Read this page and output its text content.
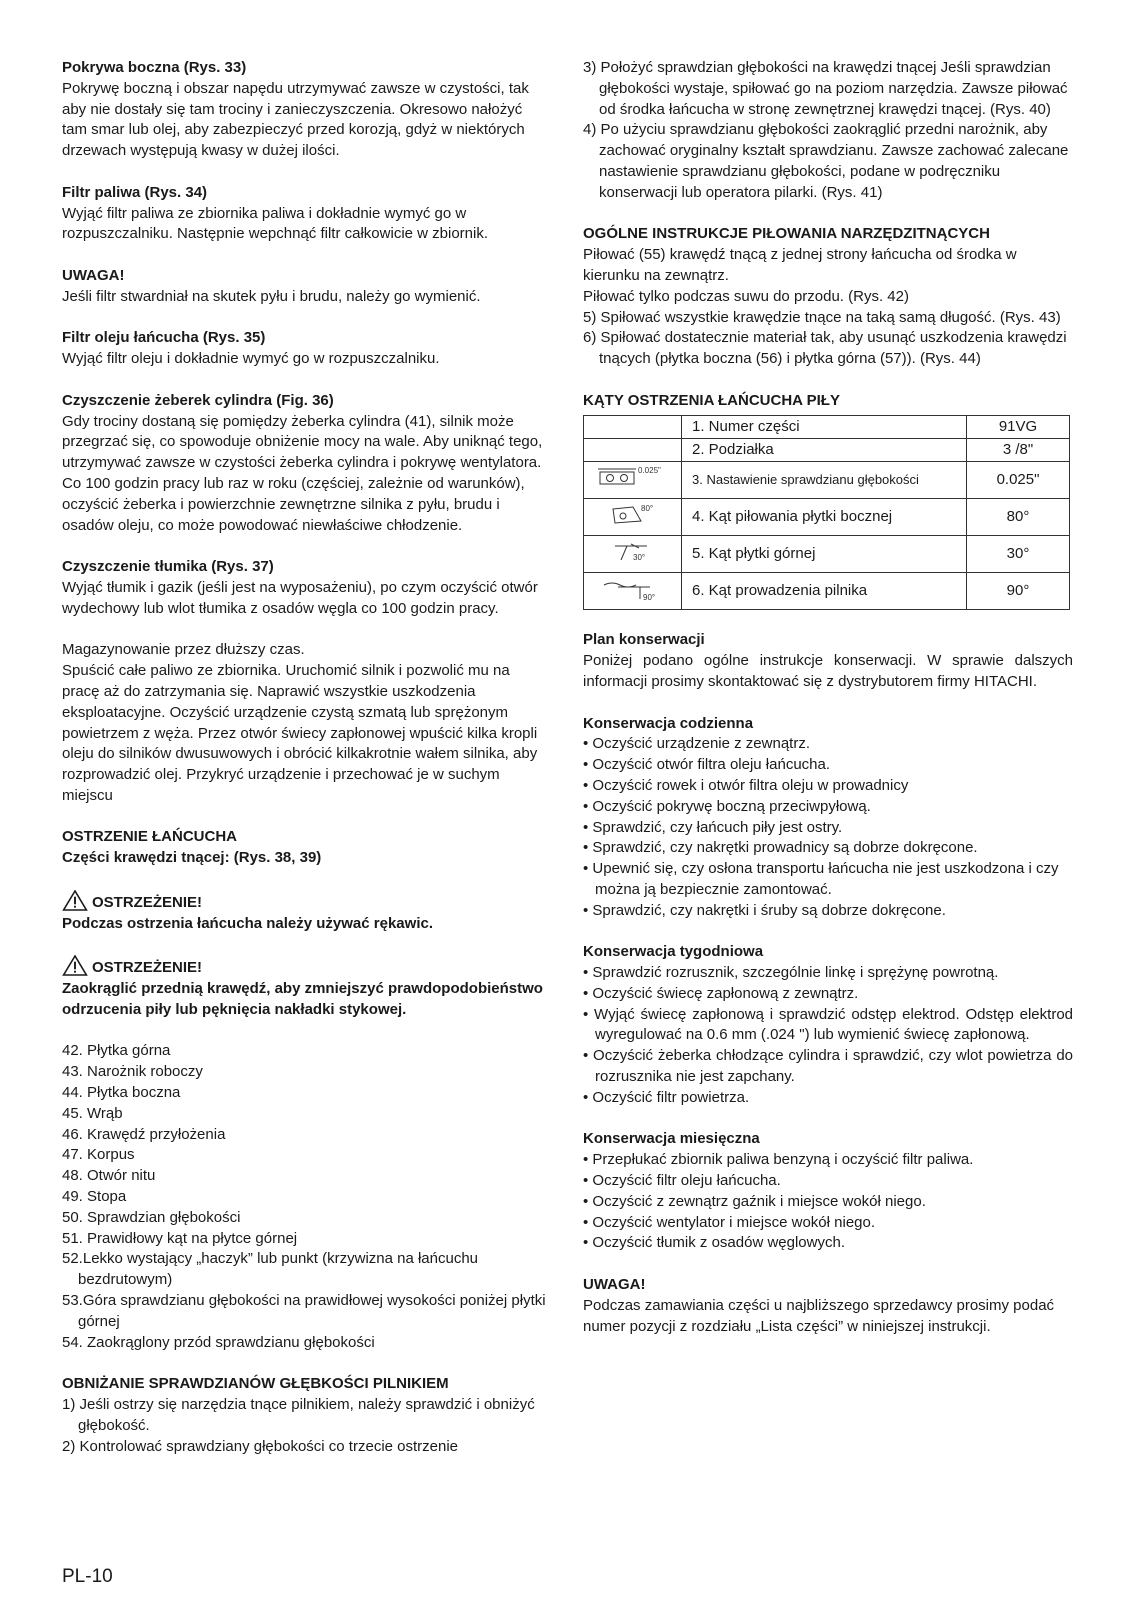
Pokrywa boczna (Rys. 33)

Pokrywę boczną i obszar napędu utrzymywać zawsze w czystości, tak aby nie dostały się tam trociny i zanieczyszczenia. Okresowo nałożyć tam smar lub olej, aby zabezpieczyć przed korozją, gdyż w niektórych drzewach występują kwasy w dużej ilości.

Filtr paliwa (Rys. 34)

Wyjąć filtr paliwa ze zbiornika paliwa i dokładnie wymyć go w rozpuszczalniku. Następnie wepchnąć filtr całkowicie w zbiornik.

UWAGA!

Jeśli filtr stwardniał na skutek pyłu i brudu, należy go wymienić.

Filtr oleju łańcucha (Rys. 35)

Wyjąć filtr oleju i dokładnie wymyć go w rozpuszczalniku.

Czyszczenie żeberek cylindra (Fig. 36)

Gdy trociny dostaną się pomiędzy żeberka cylindra (41), silnik może przegrzać się, co spowoduje obniżenie mocy na wale. Aby uniknąć tego, utrzymywać zawsze w czystości żeberka cylindra i pokrywę wentylatora. Co 100 godzin pracy lub raz w roku (częściej, zależnie od warunków), oczyścić żeberka i powierzchnie zewnętrzne silnika z pyłu, brudu i osadów oleju, co może powodować niewłaściwe chłodzenie.

Czyszczenie tłumika (Rys. 37)

Wyjąć tłumik i gazik (jeśli jest na wyposażeniu), po czym oczyścić otwór wydechowy lub wlot tłumika z osadów węgla co 100 godzin pracy.

Magazynowanie przez dłuższy czas.

Spuścić całe paliwo ze zbiornika. Uruchomić silnik i pozwolić mu na pracę aż do zatrzymania się. Naprawić wszystkie uszkodzenia eksploatacyjne. Oczyścić urządzenie czystą szmatą lub sprężonym powietrzem z węża. Przez otwór świecy zapłonowej wpuścić kilka kropli oleju do silników dwusuwowych i obrócić kilkakrotnie wałem silnika, aby rozprowadzić olej. Przykryć urządzenie i przechować je w suchym miejscu

OSTRZENIE ŁAŃCUCHA

Części krawędzi tnącej: (Rys. 38, 39)

OSTRZEŻENIE!

Podczas ostrzenia łańcucha należy używać rękawic.

OSTRZEŻENIE!

Zaokrąglić przednią krawędź, aby zmniejszyć prawdopodobieństwo odrzucenia piły lub pęknięcia nakładki stykowej.

42. Płytka górna

43. Narożnik roboczy

44. Płytka boczna

45. Wrąb

46. Krawędź przyłożenia

47. Korpus

48. Otwór nitu

49. Stopa

50. Sprawdzian głębokości

51. Prawidłowy kąt na płytce górnej

52.Lekko wystający „haczyk” lub punkt (krzywizna na łańcuchu bezdrutowym)

53.Góra sprawdzianu głębokości na prawidłowej wysokości poniżej płytki górnej

54. Zaokrąglony przód sprawdzianu głębokości

OBNIŻANIE SPRAWDZIANÓW GŁĘBKOŚCI PILNIKIEM

1) Jeśli ostrzy się narzędzia tnące pilnikiem, należy sprawdzić i obniżyć głębokość.

2) Kontrolować sprawdziany głębokości co trzecie ostrzenie

3) Położyć sprawdzian głębokości na krawędzi tnącej Jeśli sprawdzian głębokości wystaje, spiłować go na poziom narzędzia. Zawsze piłować od środka łańcucha w stronę zewnętrznej krawędzi tnącej. (Rys. 40)

4) Po użyciu sprawdzianu głębokości zaokrąglić przedni narożnik, aby zachować oryginalny kształt sprawdzianu. Zawsze zachować zalecane nastawienie sprawdzianu głębokości, podane w podręczniku konserwacji lub operatora pilarki. (Rys. 41)

OGÓLNE INSTRUKCJE PIŁOWANIA NARZĘDZITNĄCYCH

Piłować (55) krawędź tnącą z jednej strony łańcucha od środka w kierunku na zewnątrz.

Piłować tylko podczas suwu do przodu. (Rys. 42)

5) Spiłować wszystkie krawędzie tnące na taką samą długość. (Rys. 43)

6) Spiłować dostatecznie materiał tak, aby usunąć uszkodzenia krawędzi tnących (płytka boczna (56) i płytka górna (57)). (Rys. 44)

KĄTY OSTRZENIA ŁAŃCUCHA PIŁY

	1. Numer części	91VG
	2. Podziałka	3 /8"

0.025"	3. Nastawienie sprawdzianu głębokości	0.025"

80°	4. Kąt piłowania płytki bocznej	80°

30°	5. Kąt płytki górnej	30°

90°	6. Kąt prowadzenia pilnika	90°

Plan konserwacji

Poniżej podano ogólne instrukcje konserwacji. W sprawie dalszych informacji prosimy skontaktować się z dystrybutorem firmy HITACHI.

Konserwacja codzienna

• Oczyścić urządzenie z zewnątrz.

• Oczyścić otwór filtra oleju łańcucha.

• Oczyścić rowek i otwór filtra oleju w prowadnicy

• Oczyścić pokrywę boczną przeciwpyłową.

• Sprawdzić, czy łańcuch piły jest ostry.

• Sprawdzić, czy nakrętki prowadnicy są dobrze dokręcone.

• Upewnić się, czy osłona transportu łańcucha nie jest uszkodzona i czy można ją bezpiecznie zamontować.

• Sprawdzić, czy nakrętki i śruby są dobrze dokręcone.

Konserwacja tygodniowa

• Sprawdzić rozrusznik, szczególnie linkę i sprężynę powrotną.

• Oczyścić świecę zapłonową z zewnątrz.

• Wyjąć świecę zapłonową i sprawdzić odstęp elektrod. Odstęp elektrod wyregulować na 0.6 mm (.024 ") lub wymienić świecę zapłonową.

• Oczyścić żeberka chłodzące cylindra i sprawdzić, czy wlot powietrza do rozrusznika nie jest zapchany.

• Oczyścić filtr powietrza.

Konserwacja miesięczna

• Przepłukać zbiornik paliwa benzyną i oczyścić filtr paliwa.

• Oczyścić filtr oleju łańcucha.

• Oczyścić z zewnątrz gaźnik i miejsce wokół niego.

• Oczyścić wentylator i miejsce wokół niego.

• Oczyścić tłumik z osadów węglowych.

UWAGA!

Podczas zamawiania części u najbliższego sprzedawcy prosimy podać numer pozycji z rozdziału „Lista części” w niniejszej instrukcji.

PL-10
